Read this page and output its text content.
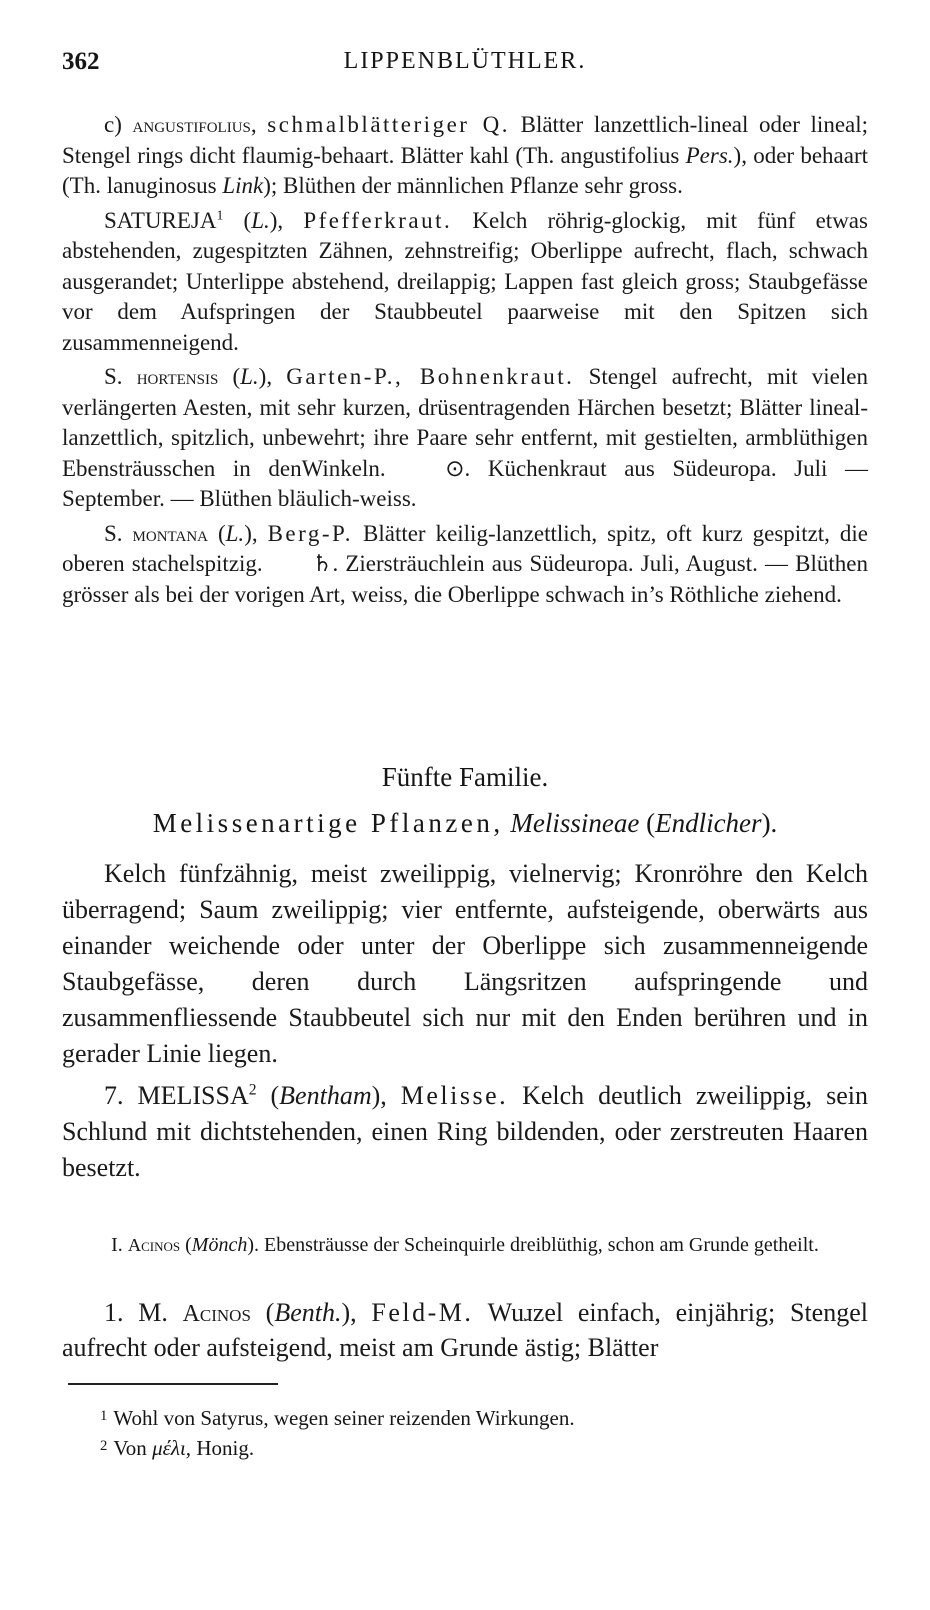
362	LIPPENBLÜTHLER.

c) angustifolius, schmalblätteriger Q. Blätter lanzettlich-lineal oder lineal; Stengel rings dicht flaumig-behaart. Blätter kahl (Th. angustifolius Pers.), oder behaart (Th. lanuginosus Link); Blüthen der männlichen Pflanze sehr gross.

SATUREJA$^1$ (L.), Pfefferkraut. Kelch röhrig-glockig, mit fünf etwas abstehenden, zugespitzten Zähnen, zehnstreifig; Oberlippe aufrecht, flach, schwach ausgerandet; Unterlippe abstehend, dreilappig; Lappen fast gleich gross; Staubgefässe vor dem Aufspringen der Staubbeutel paarweise mit den Spitzen sich zusammenneigend.

S. hortensis (L.), Garten-P., Bohnenkraut. Stengel aufrecht, mit vielen verlängerten Aesten, mit sehr kurzen, drüsentragenden Härchen besetzt; Blätter lineal-lanzettlich, spitzlich, unbewehrt; ihre Paare sehr entfernt, mit gestielten, armblüthigen Ebensträusschen in denWinkeln. ⊙. Küchenkraut aus Südeuropa. Juli — September. — Blüthen bläulich-weiss.

S. montana (L.), Berg-P. Blätter keilig-lanzettlich, spitz, oft kurz gespitzt, die oberen stachelspitzig. ♄. Ziersträuchlein aus Südeuropa. Juli, August. — Blüthen grösser als bei der vorigen Art, weiss, die Oberlippe schwach in’s Röthliche ziehend.

Fünfte Familie.
Melissenartige Pflanzen, Melissineae (Endlicher).

Kelch fünfzähnig, meist zweilippig, vielnervig; Kronröhre den Kelch überragend; Saum zweilippig; vier entfernte, aufsteigende, oberwärts aus einander weichende oder unter der Oberlippe sich zusammenneigende Staubgefässe, deren durch Längsritzen aufspringende und zusammenfliessende Staubbeutel sich nur mit den Enden berühren und in gerader Linie liegen.

7. MELISSA$^2$ (Bentham), Melisse. Kelch deutlich zweilippig, sein Schlund mit dichtstehenden, einen Ring bildenden, oder zerstreuten Haaren besetzt.

I. Acinos (Mönch). Ebensträusse der Scheinquirle dreiblüthig, schon am Grunde getheilt.

1. M. Acinos (Benth.), Feld-M. Wuɹzel einfach, einjährig; Stengel aufrecht oder aufsteigend, meist am Grunde ästig; Blätter

$^1$ Wohl von Satyrus, wegen seiner reizenden Wirkungen.

$^2$ Von μέλι, Honig.
